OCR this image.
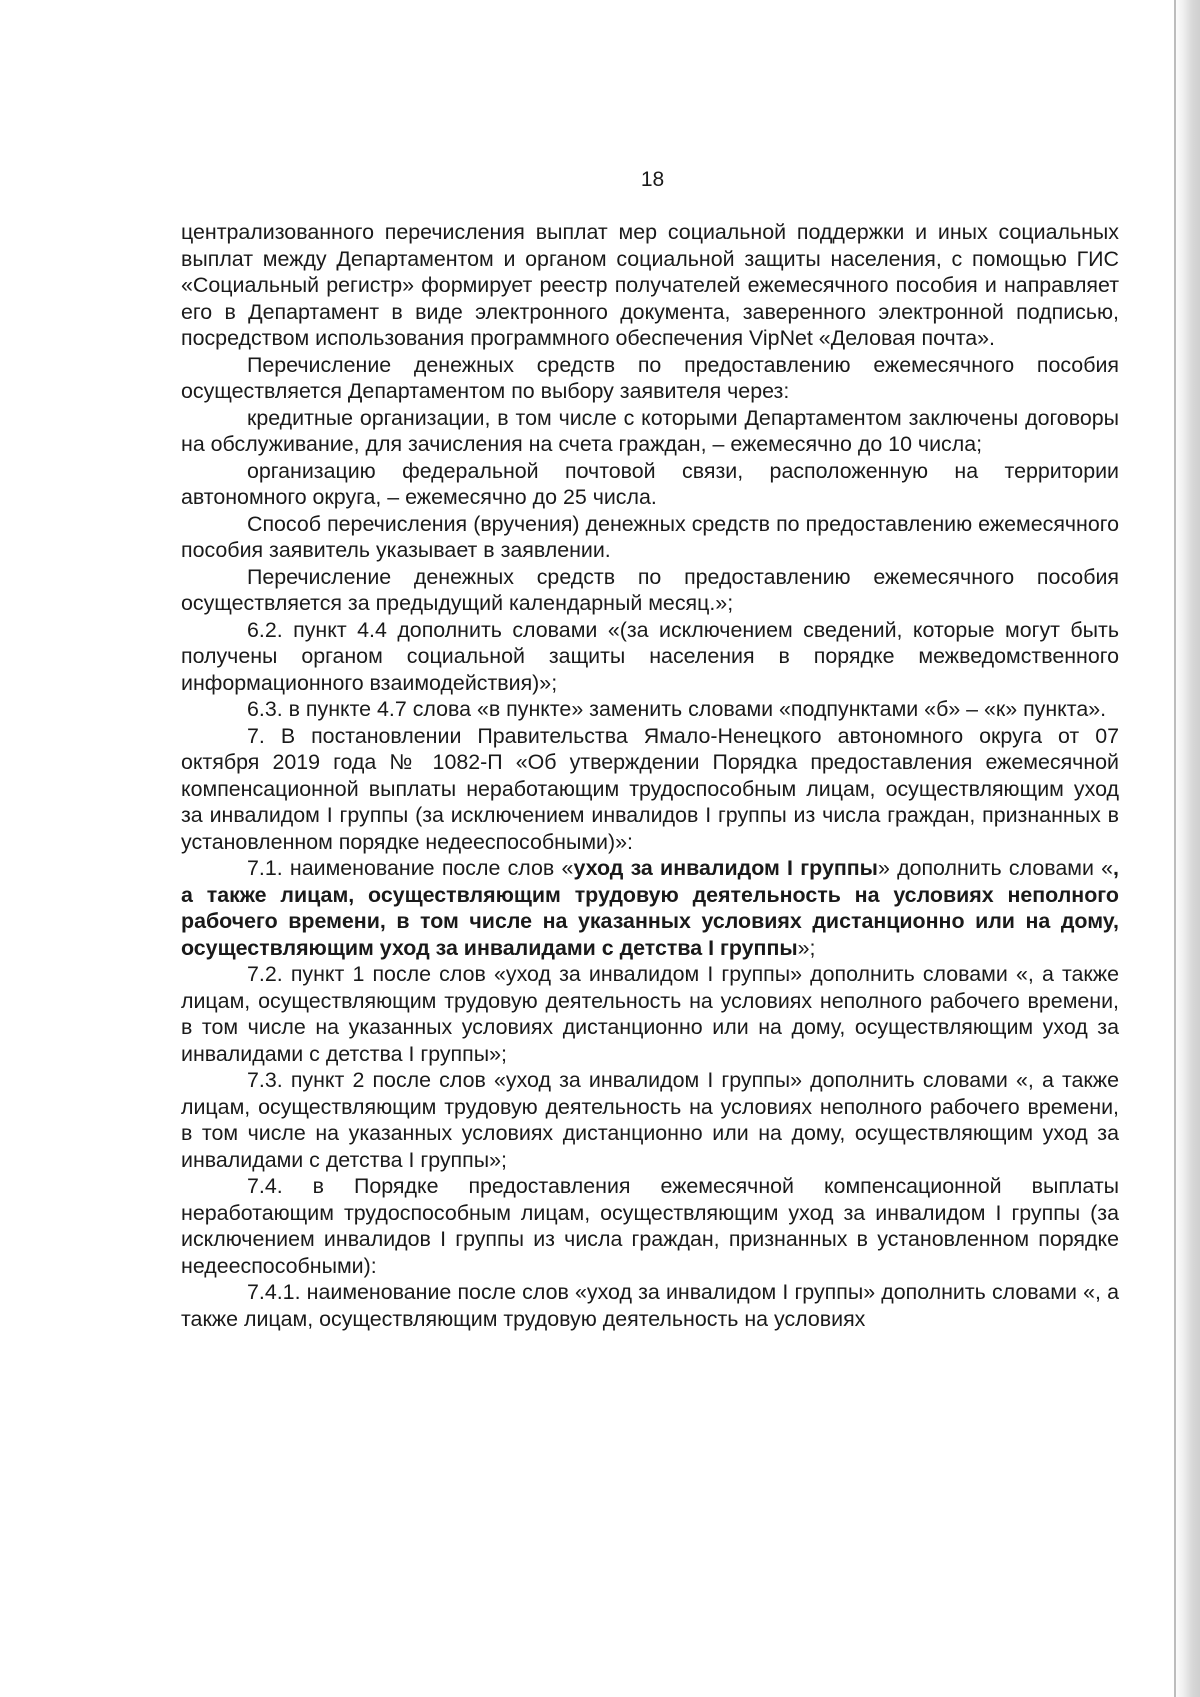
18

централизованного перечисления выплат мер социальной поддержки и иных социальных выплат между Департаментом и органом социальной защиты населения, с помощью ГИС «Социальный регистр» формирует реестр получателей ежемесячного пособия и направляет его в Департамент в виде электронного документа, заверенного электронной подписью, посредством использования программного обеспечения VipNet «Деловая почта».

Перечисление денежных средств по предоставлению ежемесячного пособия осуществляется Департаментом по выбору заявителя через:

кредитные организации, в том числе с которыми Департаментом заключены договоры на обслуживание, для зачисления на счета граждан, – ежемесячно до 10 числа;

организацию федеральной почтовой связи, расположенную на территории автономного округа, – ежемесячно до 25 числа.

Способ перечисления (вручения) денежных средств по предоставлению ежемесячного пособия заявитель указывает в заявлении.

Перечисление денежных средств по предоставлению ежемесячного пособия осуществляется за предыдущий календарный месяц.»;

6.2. пункт 4.4 дополнить словами «(за исключением сведений, которые могут быть получены органом социальной защиты населения в порядке межведомственного информационного взаимодействия)»;

6.3. в пункте 4.7 слова «в пункте» заменить словами «подпунктами «б» – «к» пункта».

7. В постановлении Правительства Ямало-Ненецкого автономного округа от 07 октября 2019 года № 1082-П «Об утверждении Порядка предоставления ежемесячной компенсационной выплаты неработающим трудоспособным лицам, осуществляющим уход за инвалидом I группы (за исключением инвалидов I группы из числа граждан, признанных в установленном порядке недееспособными)»:

7.1. наименование после слов «уход за инвалидом I группы» дополнить словами «, а также лицам, осуществляющим трудовую деятельность на условиях неполного рабочего времени, в том числе на указанных условиях дистанционно или на дому, осуществляющим уход за инвалидами с детства I группы»;

7.2. пункт 1 после слов «уход за инвалидом I группы» дополнить словами «, а также лицам, осуществляющим трудовую деятельность на условиях неполного рабочего времени, в том числе на указанных условиях дистанционно или на дому, осуществляющим уход за инвалидами с детства I группы»;

7.3. пункт 2 после слов «уход за инвалидом I группы» дополнить словами «, а также лицам, осуществляющим трудовую деятельность на условиях неполного рабочего времени, в том числе на указанных условиях дистанционно или на дому, осуществляющим уход за инвалидами с детства I группы»;

7.4. в Порядке предоставления ежемесячной компенсационной выплаты неработающим трудоспособным лицам, осуществляющим уход за инвалидом I группы (за исключением инвалидов I группы из числа граждан, признанных в установленном порядке недееспособными):

7.4.1. наименование после слов «уход за инвалидом I группы» дополнить словами «, а также лицам, осуществляющим трудовую деятельность на условиях
